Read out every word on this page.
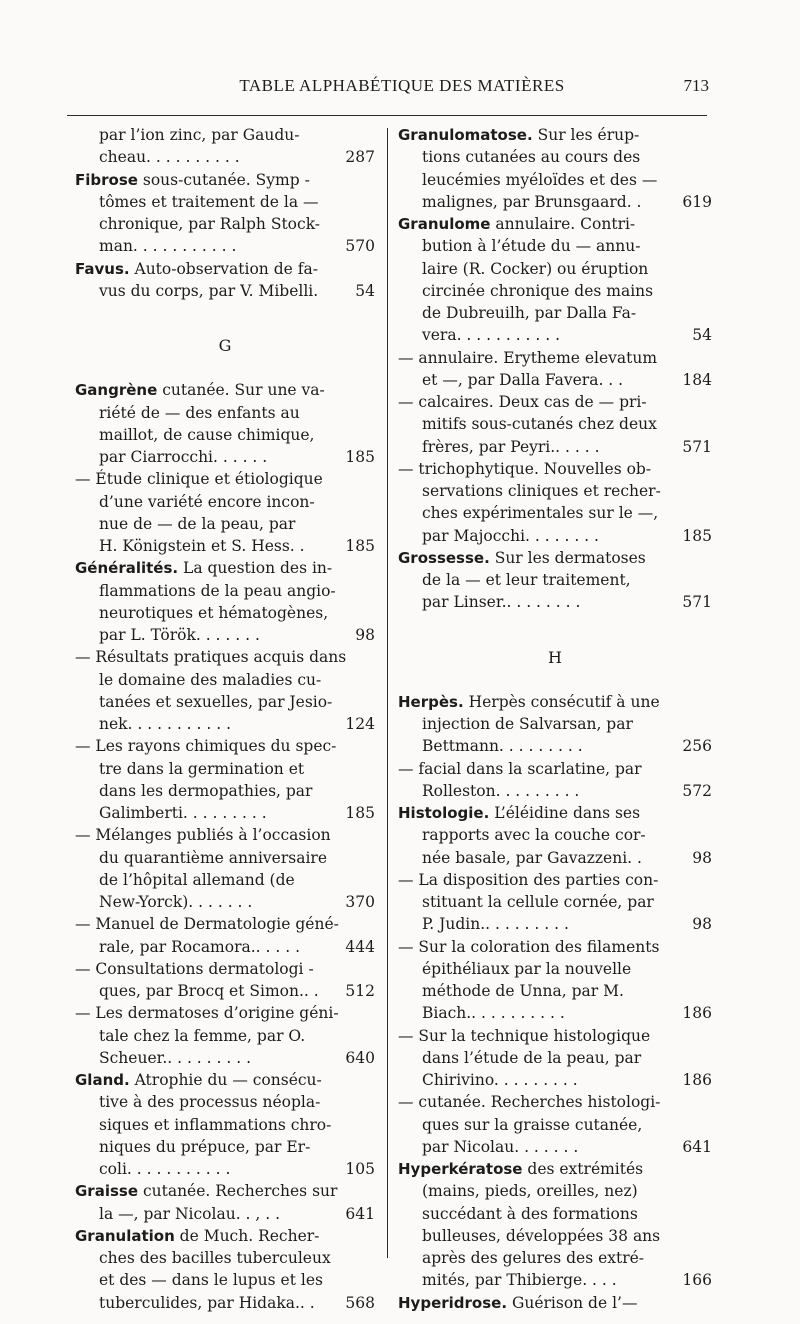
TABLE ALPHABÉTIQUE DES MATIÈRES	713
par l’ion zinc, par Gaudu-
cheau. . . . . . . . . .	287
Fibrose sous-cutanée. Symp -
tômes et traitement de la —
chronique, par Ralph Stock-
man. . . . . . . . . . .	570
Favus. Auto-observation de fa-
vus du corps, par V. Mibelli. 54
G
Gangrène cutanée. Sur une va-
riété de — des enfants au
maillot, de cause chimique,
par Ciarrocchi. . . . . .	185
— Étude clinique et étiologique
d’une variété encore incon-
nue de — de la peau, par
H. Königstein et S. Hess. .	185
Généralités. La question des in-
flammations de la peau angio-
neurotiques et hématogènes,
par L. Török. . . . . . .	98
— Résultats pratiques acquis dans
le domaine des maladies cu-
tanées et sexuelles, par Jesio-
nek. . . . . . . . . . .	124
— Les rayons chimiques du spec-
tre dans la germination et
dans les dermopathies, par
Galimberti. . . . . . . . .	185
— Mélanges publiés à l’occasion
du quarantième anniversaire
de l’hôpital allemand (de
New-Yorck). . . . . . .	370
— Manuel de Dermatologie géné-
rale, par Rocamora.. . . . .	444
— Consultations dermatologi -
ques, par Brocq et Simon.. . 512
— Les dermatoses d’origine géni-
tale chez la femme, par O.
Scheuer.. . . . . . . . .	640
Gland. Atrophie du — consécu-
tive à des processus néopla-
siques et inflammations chro-
niques du prépuce, par Er-
coli. . . . . . . . . . .	105
Graisse cutanée. Recherches sur
la —, par Nicolau. . , . .	641
Granulation de Much. Recher-
ches des bacilles tuberculeux
et des — dans le lupus et les
tuberculides, par Hidaka.. . 568
Granulomatose. Sur les érup-
tions cutanées au cours des
leucémies myéloïdes et des —
malignes, par Brunsgaard. .	619
Granulome annulaire. Contri-
bution à l’étude du — annu-
laire (R. Cocker) ou éruption
circinée chronique des mains
de Dubreuilh, par Dalla Fa-
vera. . . . . . . . . . .	54
— annulaire. Erytheme elevatum
et —, par Dalla Favera. . .	184
— calcaires. Deux cas de — pri-
mitifs sous-cutanés chez deux
frères, par Peyri.. . . . .	571
— trichophytique. Nouvelles ob-
servations cliniques et recher-
ches expérimentales sur le —,
par Majocchi. . . . . . . .	185
Grossesse. Sur les dermatoses
de la — et leur traitement,
par Linser.. . . . . . . .	571
H
Herpès. Herpès consécutif à une
injection de Salvarsan, par
Bettmann. . . . . . . . .	256
— facial dans la scarlatine, par
Rolleston. . . . . . . . .	572
Histologie. L’éléidine dans ses
rapports avec la couche cor-
née basale, par Gavazzeni. .	98
— La disposition des parties con-
stituant la cellule cornée, par
P. Judin.. . . . . . . . .	98
— Sur la coloration des filaments
épithéliaux par la nouvelle
méthode de Unna, par M.
Biach.. . . . . . . . . .	186
— Sur la technique histologique
dans l’étude de la peau, par
Chirivino. . . . . . . . .	186
— cutanée. Recherches histologi-
ques sur la graisse cutanée,
par Nicolau. . . . . . .	641
Hyperkératose des extrémités
(mains, pieds, oreilles, nez)
succédant à des formations
bulleuses, développées 38 ans
après des gelures des extré-
mités, par Thibierge. . . .	166
Hyperidrose. Guérison de l’—
